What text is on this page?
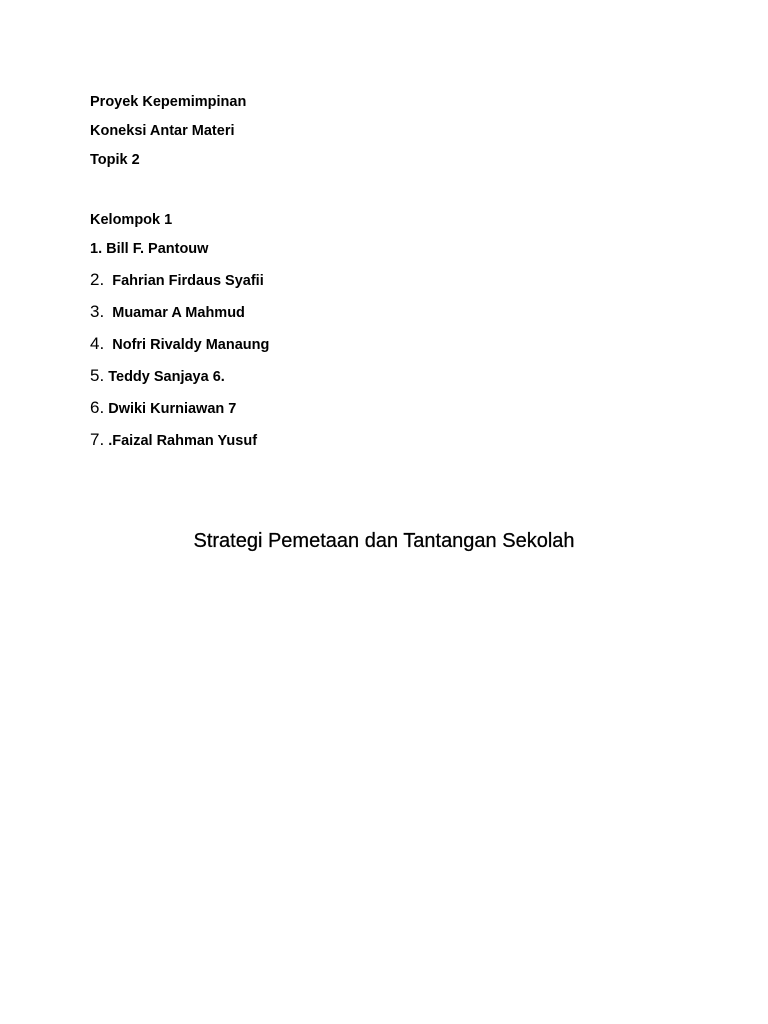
Proyek Kepemimpinan
Koneksi Antar Materi
Topik 2
Kelompok 1
1. Bill F. Pantouw
2. Fahrian Firdaus Syafii
3. Muamar A Mahmud
4. Nofri Rivaldy Manaung
5. Teddy Sanjaya 6.
6. Dwiki Kurniawan 7
7. .Faizal Rahman Yusuf
Strategi Pemetaan dan Tantangan Sekolah
